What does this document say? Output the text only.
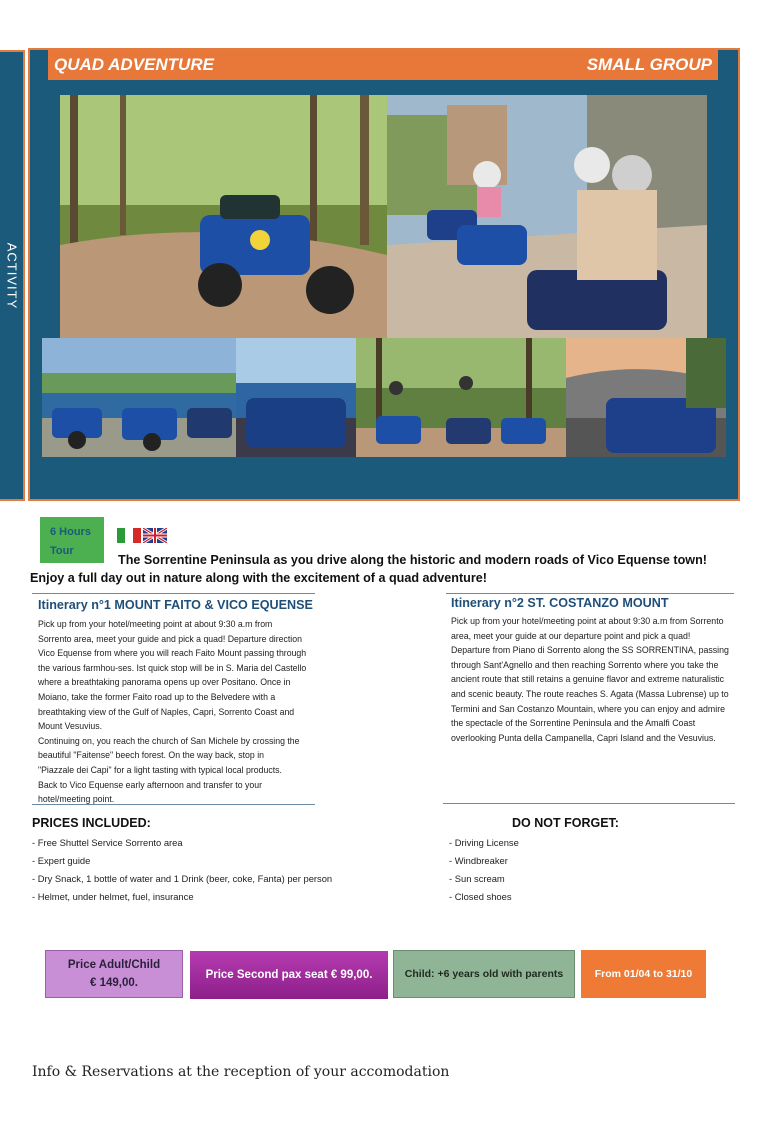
ACTIVITY
QUAD ADVENTURE	SMALL GROUP
6 Hours
Tour

The Sorrentine Peninsula as you drive along the historic and modern roads of Vico Equense town! Enjoy a full day out in nature along with the excitement of a quad adventure!

Itinerary n°1 MOUNT FAITO & VICO EQUENSE
Pick up from your hotel/meeting point at about 9:30 a.m from
Sorrento area, meet your guide and pick a quad! Departure direction
Vico Equense from where you will reach Faito Mount passing through
the various farmhou-ses. Ist quick stop will be in S. Maria del Castello
where a breathtaking panorama opens up over Positano. Once in
Moiano, take the former Faito road up to the Belvedere with a
breathtaking view of the Gulf of Naples, Capri, Sorrento Coast and
Mount Vesuvius.
Continuing on, you reach the church of San Michele by crossing the
beautiful "Faitense" beech forest. On the way back, stop in
"Piazzale dei Capi" for a light tasting with typical local products.
Back to Vico Equense early afternoon and transfer to your
hotel/meeting point.
Itinerary n°2 ST. COSTANZO MOUNT
Pick up from your hotel/meeting point at about 9:30 a.m from Sorrento
area, meet your guide at our departure point and pick a quad!
Departure from Piano di Sorrento along the SS SORRENTINA, passing
through Sant'Agnello and then reaching Sorrento where you take the
ancient route that still retains a genuine flavor and extreme naturalistic
and scenic beauty. The route reaches S. Agata (Massa Lubrense) up to
Termini and San Costanzo Mountain, where you can enjoy and admire
the spectacle of the Sorrentine Peninsula and the Amalfi Coast
overlooking Punta della Campanella, Capri Island and the Vesuvius.
PRICES INCLUDED:
- Free Shuttel Service Sorrento area
- Expert guide
- Dry Snack, 1 bottle of water and 1 Drink (beer, coke, Fanta) per person
- Helmet, under helmet, fuel, insurance
DO NOT FORGET:
- Driving License
- Windbreaker
- Sun scream
- Closed shoes
Price Adult/Child
€ 149,00.
Price Second pax seat € 99,00.	Child: +6 years old with parents	From 01/04 to 31/10
Info & Reservations at the reception of your accomodation
